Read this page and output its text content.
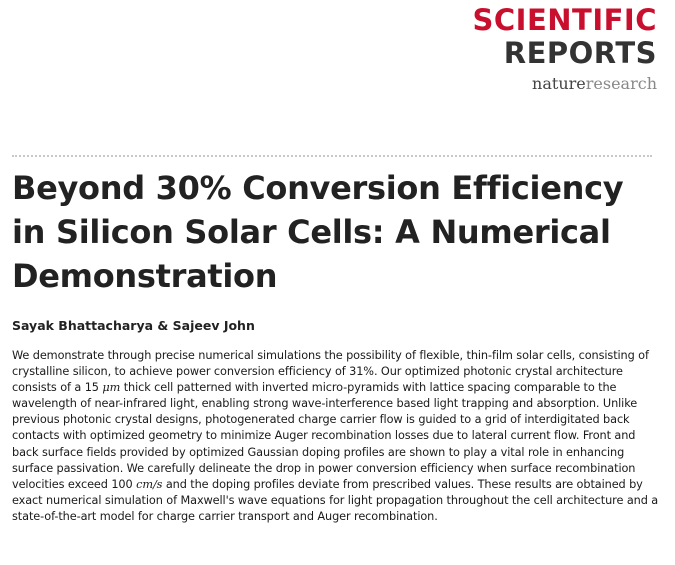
SCIENTIFIC
REPORTS
natureresearch
Beyond 30% Conversion Efficiency in Silicon Solar Cells: A Numerical Demonstration

Sayak Bhattacharya & Sajeev John

We demonstrate through precise numerical simulations the possibility of flexible, thin-film solar cells, consisting of crystalline silicon, to achieve power conversion efficiency of 31%. Our optimized photonic crystal architecture consists of a 15 μm thick cell patterned with inverted micro-pyramids with lattice spacing comparable to the wavelength of near-infrared light, enabling strong wave-interference based light trapping and absorption. Unlike previous photonic crystal designs, photogenerated charge carrier flow is guided to a grid of interdigitated back contacts with optimized geometry to minimize Auger recombination losses due to lateral current flow. Front and back surface fields provided by optimized Gaussian doping profiles are shown to play a vital role in enhancing surface passivation. We carefully delineate the drop in power conversion efficiency when surface recombination velocities exceed 100 cm/s and the doping profiles deviate from prescribed values. These results are obtained by exact numerical simulation of Maxwell's wave equations for light propagation throughout the cell architecture and a state-of-the-art model for charge carrier transport and Auger recombination.
